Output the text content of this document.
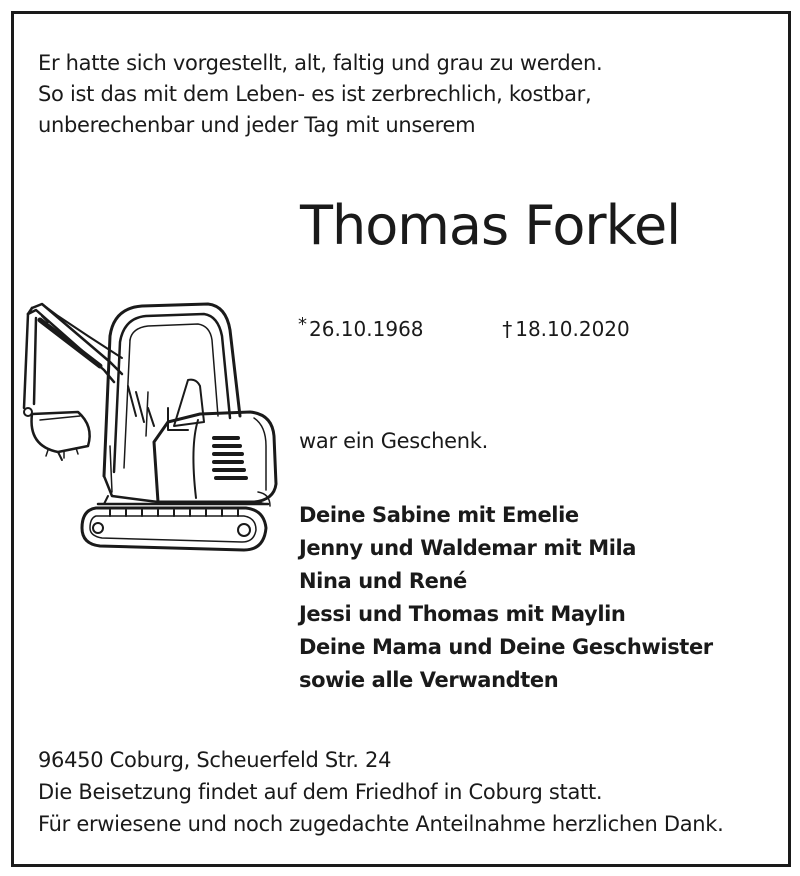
Er hatte sich vorgestellt, alt, faltig und grau zu werden.
So ist das mit dem Leben- es ist zerbrechlich, kostbar,
unberechenbar und jeder Tag mit unserem
Thomas Forkel
* 26.10.1968	† 18.10.2020
war ein Geschenk.
Deine Sabine mit Emelie
Jenny und Waldemar mit Mila
Nina und René
Jessi und Thomas mit Maylin
Deine Mama und Deine Geschwister
sowie alle Verwandten
96450 Coburg, Scheuerfeld Str. 24
Die Beisetzung findet auf dem Friedhof in Coburg statt.
Für erwiesene und noch zugedachte Anteilnahme herzlichen Dank.
